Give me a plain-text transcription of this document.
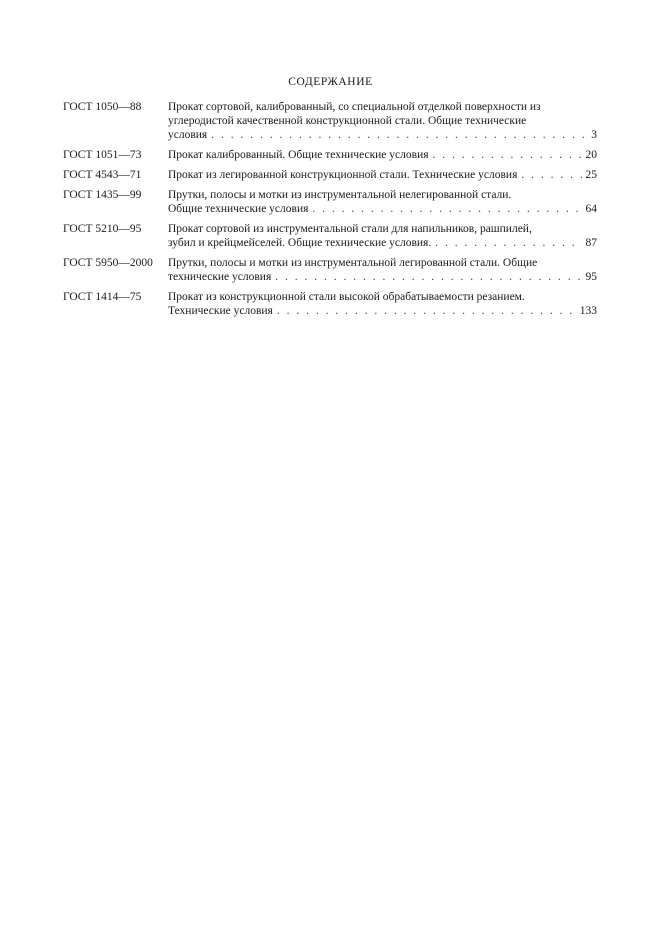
СОДЕРЖАНИЕ
ГОСТ 1050—88	Прокат сортовой, калиброванный, со специальной отделкой поверхности из углеродистой качественной конструкционной стали. Общие технические
условия . . .	3
ГОСТ 1051—73	Прокат калиброванный. Общие технические условия . . .	20
ГОСТ 4543—71	Прокат из легированной конструкционной стали. Технические условия . . .	25
ГОСТ 1435—99	Прутки, полосы и мотки из инструментальной нелегированной стали.
Общие технические условия . . .	64
ГОСТ 5210—95	Прокат сортовой из инструментальной стали для напильников, рашпилей,
зубил и крейцмейселей. Общие технические условия. . . .	87
ГОСТ 5950—2000	Прутки, полосы и мотки из инструментальной легированной стали. Общие
технические условия . . .	95
ГОСТ 1414—75	Прокат из конструкционной стали высокой обрабатываемости резанием.
Технические условия . . .	133
